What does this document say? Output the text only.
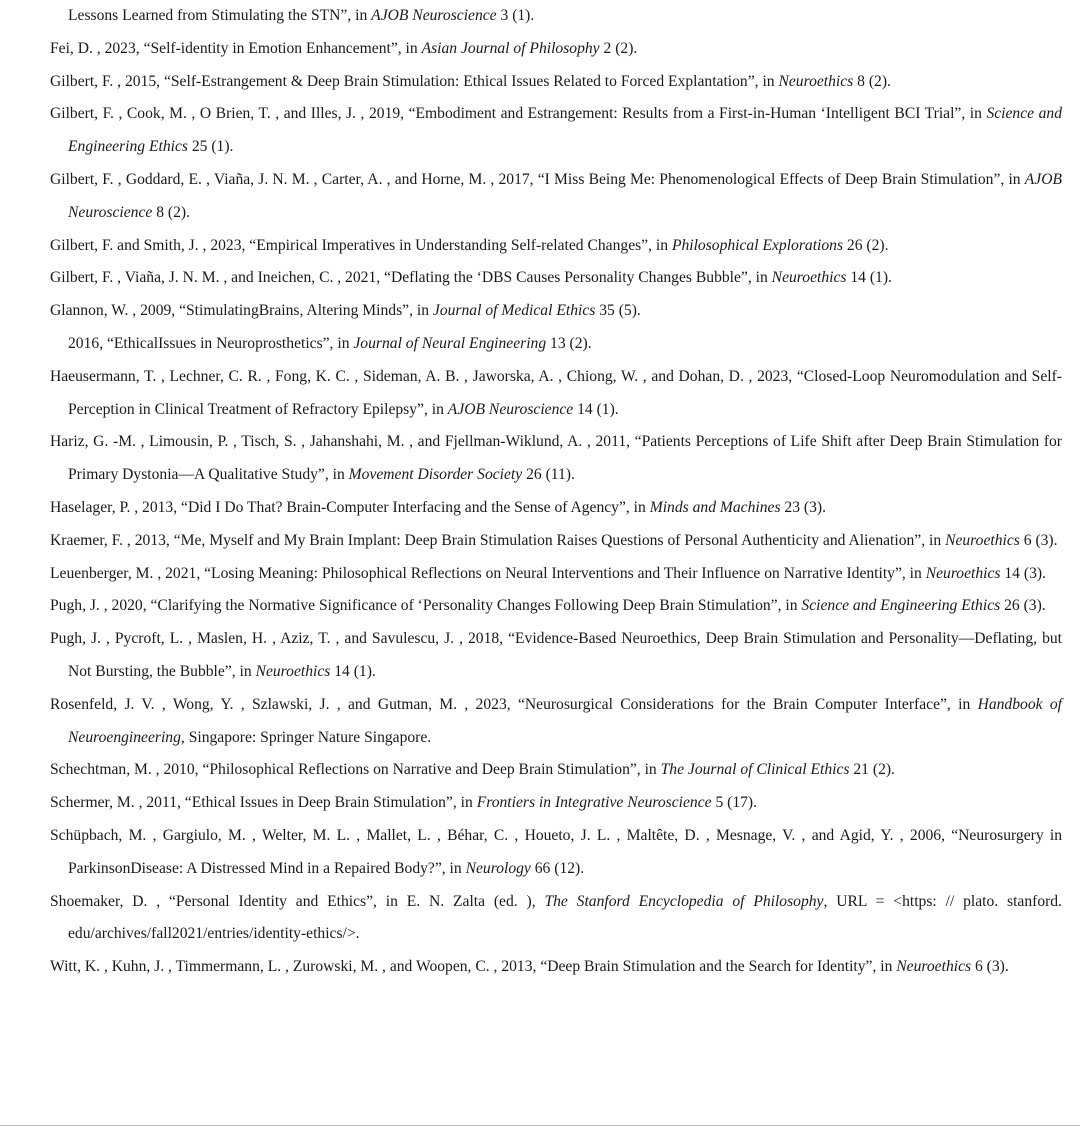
Lessons Learned from Stimulating the STN”, in AJOB Neuroscience 3 (1).

Fei, D. , 2023, “Self-identity in Emotion Enhancement”, in Asian Journal of Philosophy 2 (2).

Gilbert, F. , 2015, “Self-Estrangement & Deep Brain Stimulation: Ethical Issues Related to Forced Explantation”, in Neuroethics 8 (2).

Gilbert, F. , Cook, M. , O Brien, T. , and Illes, J. , 2019, “Embodiment and Estrangement: Results from a First-in-Human ‘Intelligent BCI Trial”, in Science and Engineering Ethics 25 (1).

Gilbert, F. , Goddard, E. , Viaña, J. N. M. , Carter, A. , and Horne, M. , 2017, “I Miss Being Me: Phenomenological Effects of Deep Brain Stimulation”, in AJOB Neuroscience 8 (2).

Gilbert, F. and Smith, J. , 2023, “Empirical Imperatives in Understanding Self-related Changes”, in Philosophical Explorations 26 (2).

Gilbert, F. , Viaña, J. N. M. , and Ineichen, C. , 2021, “Deflating the ‘DBS Causes Personality Changes Bubble”, in Neuroethics 14 (1).

Glannon, W. , 2009, “StimulatingBrains, Altering Minds”, in Journal of Medical Ethics 35 (5).

2016, “EthicalIssues in Neuroprosthetics”, in Journal of Neural Engineering 13 (2).

Haeusermann, T. , Lechner, C. R. , Fong, K. C. , Sideman, A. B. , Jaworska, A. , Chiong, W. , and Dohan, D. , 2023, “Closed-Loop Neuromodulation and Self-Perception in Clinical Treatment of Refractory Epilepsy”, in AJOB Neuroscience 14 (1).

Hariz, G. -M. , Limousin, P. , Tisch, S. , Jahanshahi, M. , and Fjellman-Wiklund, A. , 2011, “Patients Perceptions of Life Shift after Deep Brain Stimulation for Primary Dystonia—A Qualitative Study”, in Movement Disorder Society 26 (11).

Haselager, P. , 2013, “Did I Do That? Brain-Computer Interfacing and the Sense of Agency”, in Minds and Machines 23 (3).

Kraemer, F. , 2013, “Me, Myself and My Brain Implant: Deep Brain Stimulation Raises Questions of Personal Authenticity and Alienation”, in Neuroethics 6 (3).

Leuenberger, M. , 2021, “Losing Meaning: Philosophical Reflections on Neural Interventions and Their Influence on Narrative Identity”, in Neuroethics 14 (3).

Pugh, J. , 2020, “Clarifying the Normative Significance of ‘Personality Changes Following Deep Brain Stimulation”, in Science and Engineering Ethics 26 (3).

Pugh, J. , Pycroft, L. , Maslen, H. , Aziz, T. , and Savulescu, J. , 2018, “Evidence-Based Neuroethics, Deep Brain Stimulation and Personality—Deflating, but Not Bursting, the Bubble”, in Neuroethics 14 (1).

Rosenfeld, J. V. , Wong, Y. , Szlawski, J. , and Gutman, M. , 2023, “Neurosurgical Considerations for the Brain Computer Interface”, in Handbook of Neuroengineering, Singapore: Springer Nature Singapore.

Schechtman, M. , 2010, “Philosophical Reflections on Narrative and Deep Brain Stimulation”, in The Journal of Clinical Ethics 21 (2).

Schermer, M. , 2011, “Ethical Issues in Deep Brain Stimulation”, in Frontiers in Integrative Neuroscience 5 (17).

Schüpbach, M. , Gargiulo, M. , Welter, M. L. , Mallet, L. , Béhar, C. , Houeto, J. L. , Maltête, D. , Mesnage, V. , and Agid, Y. , 2006, “Neurosurgery in ParkinsonDisease: A Distressed Mind in a Repaired Body?”, in Neurology 66 (12).

Shoemaker, D. , “Personal Identity and Ethics”, in E. N. Zalta (ed. ), The Stanford Encyclopedia of Philosophy, URL = <https: // plato. stanford. edu/archives/fall2021/entries/identity-ethics/>.

Witt, K. , Kuhn, J. , Timmermann, L. , Zurowski, M. , and Woopen, C. , 2013, “Deep Brain Stimulation and the Search for Identity”, in Neuroethics 6 (3).
